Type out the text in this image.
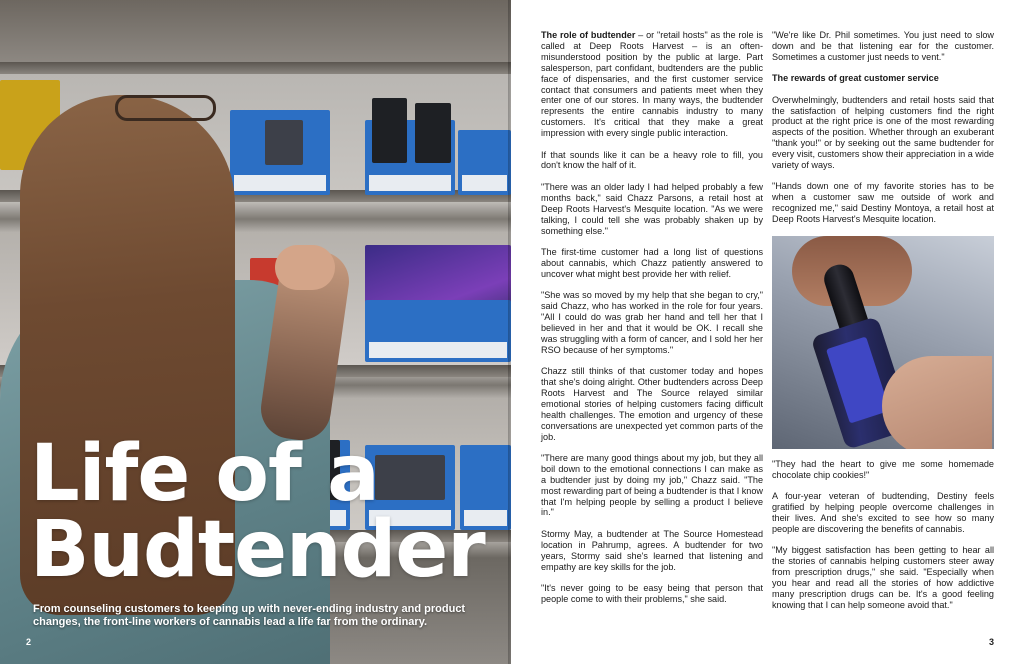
Life of a
Budtender

From counseling customers to keeping up with never-ending industry and product changes, the front-line workers of cannabis lead a life far from the ordinary.

2

The role of budtender – or "retail hosts" as the role is called at Deep Roots Harvest – is an often-misunderstood position by the public at large. Part salesperson, part confidant, budtenders are the public face of dispensaries, and the first customer service contact that consumers and patients meet when they enter one of our stores. In many ways, the budtender represents the entire cannabis industry to many customers. It's critical that they make a great impression with every single public interaction.

If that sounds like it can be a heavy role to fill, you don't know the half of it.

"There was an older lady I had helped probably a few months back," said Chazz Parsons, a retail host at Deep Roots Harvest's Mesquite location. "As we were talking, I could tell she was probably shaken up by something else."

The first-time customer had a long list of questions about cannabis, which Chazz patiently answered to uncover what might best provide her with relief.

"She was so moved by my help that she began to cry," said Chazz, who has worked in the role for four years. "All I could do was grab her hand and tell her that I believed in her and that it would be OK. I recall she was struggling with a form of cancer, and I sold her her RSO because of her symptoms."

Chazz still thinks of that customer today and hopes that she's doing alright. Other budtenders across Deep Roots Harvest and The Source relayed similar emotional stories of helping customers facing difficult health challenges. The emotion and urgency of these conversations are unexpected yet common parts of the job.

"There are many good things about my job, but they all boil down to the emotional connections I can make as a budtender just by doing my job," Chazz said. "The most rewarding part of being a budtender is that I know that I'm helping people by selling a product I believe in."

Stormy May, a budtender at The Source Homestead location in Pahrump, agrees. A budtender for two years, Stormy said she's learned that listening and empathy are key skills for the job.

"It's never going to be easy being that person that people come to with their problems," she said.

"We're like Dr. Phil sometimes. You just need to slow down and be that listening ear for the customer. Sometimes a customer just needs to vent."

The rewards of great customer service

Overwhelmingly, budtenders and retail hosts said that the satisfaction of helping customers find the right product at the right price is one of the most rewarding aspects of the position. Whether through an exuberant "thank you!" or by seeking out the same budtender for every visit, customers show their appreciation in a wide variety of ways.

"Hands down one of my favorite stories has to be when a customer saw me outside of work and recognized me," said Destiny Montoya, a retail host at Deep Roots Harvest's Mesquite location.

"They had the heart to give me some homemade chocolate chip cookies!"

A four-year veteran of budtending, Destiny feels gratified by helping people overcome challenges in their lives. And she's excited to see how so many people are discovering the benefits of cannabis.

"My biggest satisfaction has been getting to hear all the stories of cannabis helping customers steer away from prescription drugs," she said. "Especially when you hear and read all the stories of how addictive many prescription drugs can be. It's a good feeling knowing that I can help someone avoid that."

3
